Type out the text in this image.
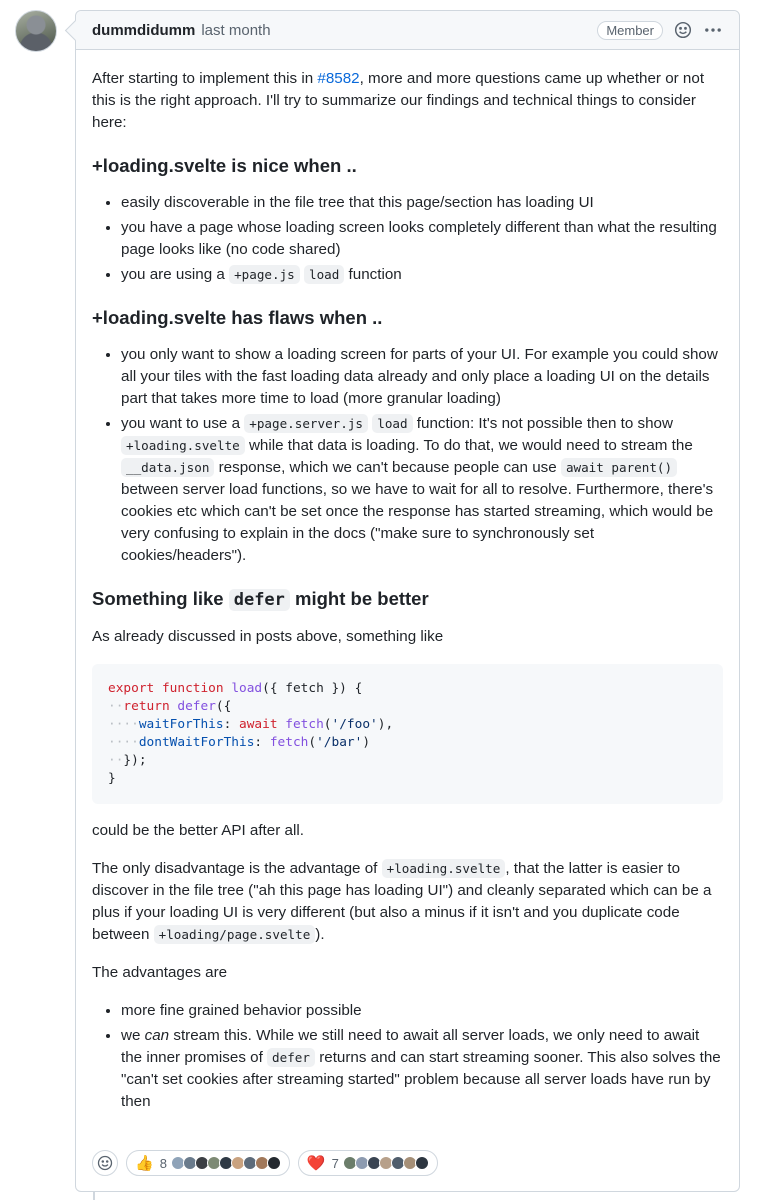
dummdidumm last month	Member

After starting to implement this in #8582, more and more questions came up whether or not this is the right approach. I'll try to summarize our findings and technical things to consider here:

+loading.svelte is nice when ..
• easily discoverable in the file tree that this page/section has loading UI
• you have a page whose loading screen looks completely different than what the resulting page looks like (no code shared)
• you are using a +page.js load function
+loading.svelte has flaws when ..
• you only want to show a loading screen for parts of your UI. For example you could show all your tiles with the fast loading data already and only place a loading UI on the details part that takes more time to load (more granular loading)
• you want to use a +page.server.js load function: It's not possible then to show +loading.svelte while that data is loading. To do that, we would need to stream the __data.json response, which we can't because people can use await parent() between server load functions, so we have to wait for all to resolve. Furthermore, there's cookies etc which can't be set once the response has started streaming, which would be very confusing to explain in the docs ("make sure to synchronously set cookies/headers").
Something like defer might be better

As already discussed in posts above, something like

export function load({ fetch }) {
··return defer({
····waitForThis: await fetch('/foo'),
····dontWaitForThis: fetch('/bar')
··});
}

could be the better API after all.

The only disadvantage is the advantage of +loading.svelte , that the latter is easier to discover in the file tree ("ah this page has loading UI") and cleanly separated which can be a plus if your loading UI is very different (but also a minus if it isn't and you duplicate code between +loading/page.svelte ).

The advantages are

• more fine grained behavior possible
• we can stream this. While we still need to await all server loads, we only need to await the inner promises of defer returns and can start streaming sooner. This also solves the "can't set cookies after streaming started" problem because all server loads have run by then
👍 8	❤️ 7
